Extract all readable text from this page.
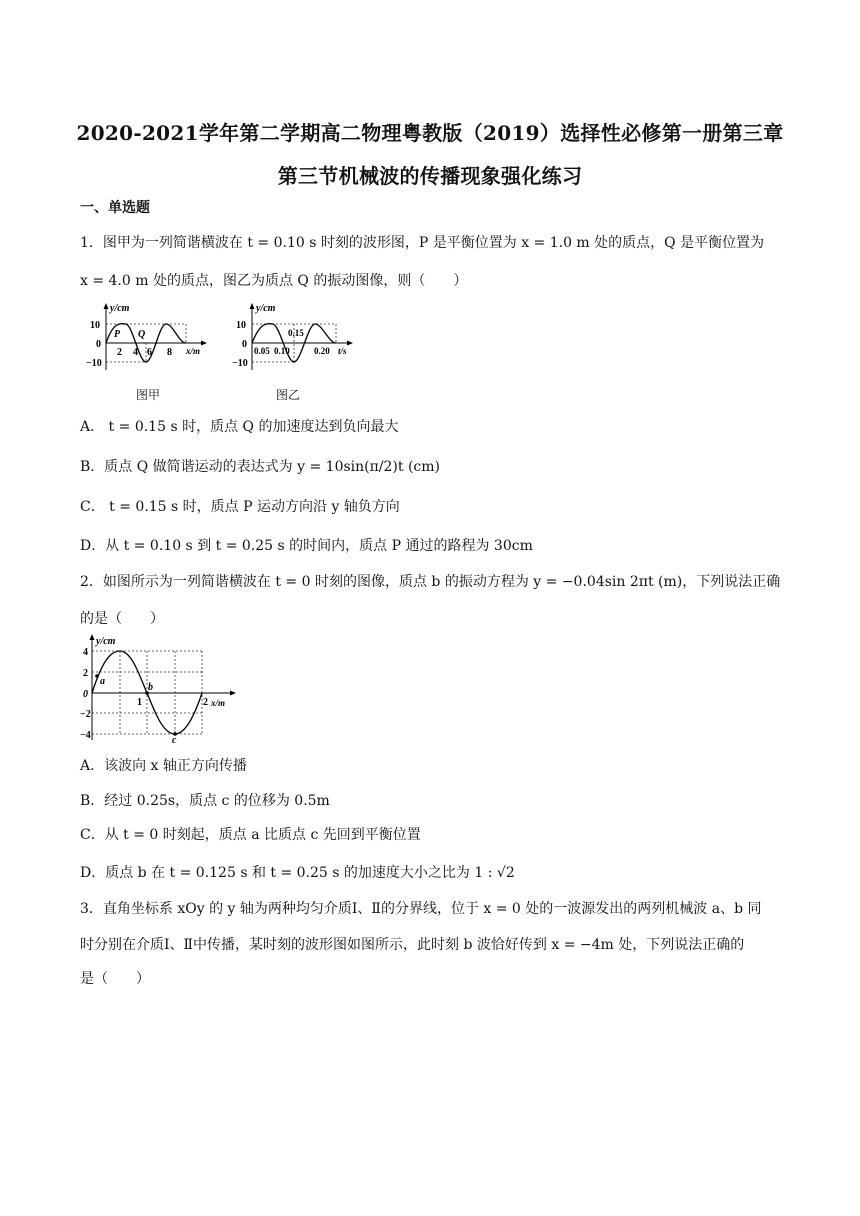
2020-2021学年第二学期高二物理粤教版（2019）选择性必修第一册第三章
第三节机械波的传播现象强化练习
一、单选题
1．图甲为一列简谐横波在 t = 0.10 s 时刻的波形图，P 是平衡位置为 x = 1.0 m 处的质点，Q 是平衡位置为
x = 4.0 m 处的质点，图乙为质点 Q 的振动图像，则（　　）
y/cm
10
0
−10
P Q
2 4 6 8 x/m
图甲
y/cm
10
0
−10
0.05 0.10
0.15
0.20 t/s
图乙
A． t = 0.15 s 时，质点 Q 的加速度达到负向最大
B．质点 Q 做简谐运动的表达式为 y = 10sin(π/2)t (cm)
C． t = 0.15 s 时，质点 P 运动方向沿 y 轴负方向
D．从 t = 0.10 s 到 t = 0.25 s 的时间内，质点 P 通过的路程为 30cm
2．如图所示为一列简谐横波在 t = 0 时刻的图像，质点 b 的振动方程为 y = −0.04sin 2πt (m)，下列说法正确
的是（　　）
y/cm
4
2
0
−2
−4
a
b
c
1	2 x/m
A．该波向 x 轴正方向传播
B．经过 0.25s，质点 c 的位移为 0.5m
C．从 t = 0 时刻起，质点 a 比质点 c 先回到平衡位置
D．质点 b 在 t = 0.125 s 和 t = 0.25 s 的加速度大小之比为 1 : √2
3．直角坐标系 xOy 的 y 轴为两种均匀介质Ⅰ、Ⅱ的分界线，位于 x = 0 处的一波源发出的两列机械波 a、b 同
时分别在介质Ⅰ、Ⅱ中传播，某时刻的波形图如图所示，此时刻 b 波恰好传到 x = −4m 处，下列说法正确的
是（　　）
